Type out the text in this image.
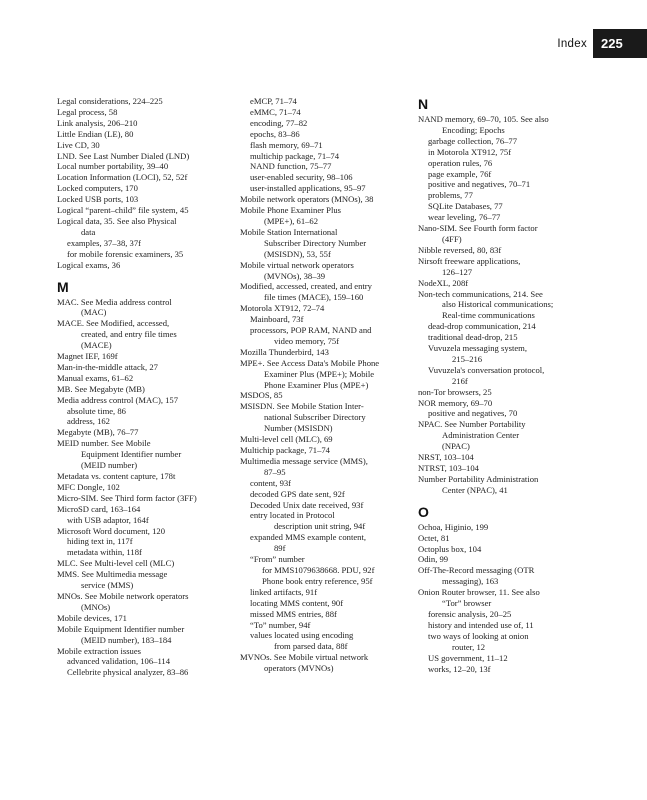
Index	225
Legal considerations, 224–225
Legal process, 58
Link analysis, 206–210
Little Endian (LE), 80
Live CD, 30
LND. See Last Number Dialed (LND)
Local number portability, 39–40
Location Information (LOCI), 52, 52f
Locked computers, 170
Locked USB ports, 103
Logical “parent–child” file system, 45
Logical data, 35. See also Physical
data
examples, 37–38, 37f
for mobile forensic examiners, 35
Logical exams, 36
M
MAC. See Media address control
(MAC)
MACE. See Modified, accessed,
created, and entry file times
(MACE)
Magnet IEF, 169f
Man-in-the-middle attack, 27
Manual exams, 61–62
MB. See Megabyte (MB)
Media address control (MAC), 157
absolute time, 86
address, 162
Megabyte (MB), 76–77
MEID number. See Mobile
Equipment Identifier number
(MEID number)
Metadata vs. content capture, 178t
MFC Dongle, 102
Micro-SIM. See Third form factor (3FF)
MicroSD card, 163–164
with USB adaptor, 164f
Microsoft Word document, 120
hiding text in, 117f
metadata within, 118f
MLC. See Multi-level cell (MLC)
MMS. See Multimedia message
service (MMS)
MNOs. See Mobile network operators
(MNOs)
Mobile devices, 171
Mobile Equipment Identifier number
(MEID number), 183–184
Mobile extraction issues
advanced validation, 106–114
Cellebrite physical analyzer, 83–86
eMCP, 71–74
eMMC, 71–74
encoding, 77–82
epochs, 83–86
flash memory, 69–71
multichip package, 71–74
NAND function, 75–77
user-enabled security, 98–106
user-installed applications, 95–97
Mobile network operators (MNOs), 38
Mobile Phone Examiner Plus
(MPE+), 61–62
Mobile Station International
Subscriber Directory Number
(MSISDN), 53, 55f
Mobile virtual network operators
(MVNOs), 38–39
Modified, accessed, created, and entry
file times (MACE), 159–160
Motorola XT912, 72–74
Mainboard, 73f
processors, POP RAM, NAND and
video memory, 75f
Mozilla Thunderbird, 143
MPE+. See Access Data's Mobile Phone
Examiner Plus (MPE+); Mobile
Phone Examiner Plus (MPE+)
MSDOS, 85
MSISDN. See Mobile Station Inter-
national Subscriber Directory
Number (MSISDN)
Multi-level cell (MLC), 69
Multichip package, 71–74
Multimedia message service (MMS),
87–95
content, 93f
decoded GPS date sent, 92f
Decoded Unix date received, 93f
entry located in Protocol
description unit string, 94f
expanded MMS example content,
89f
“From” number
for MMS1079638668. PDU, 92f
Phone book entry reference, 95f
linked artifacts, 91f
locating MMS content, 90f
missed MMS entries, 88f
“To” number, 94f
values located using encoding
from parsed data, 88f
MVNOs. See Mobile virtual network
operators (MVNOs)
N
NAND memory, 69–70, 105. See also
Encoding; Epochs
garbage collection, 76–77
in Motorola XT912, 75f
operation rules, 76
page example, 76f
positive and negatives, 70–71
problems, 77
SQLite Databases, 77
wear leveling, 76–77
Nano-SIM. See Fourth form factor
(4FF)
Nibble reversed, 80, 83f
Nirsoft freeware applications,
126–127
NodeXL, 208f
Non-tech communications, 214. See
also Historical communications;
Real-time communications
dead-drop communication, 214
traditional dead-drop, 215
Vuvuzela messaging system,
215–216
Vuvuzela's conversation protocol,
216f
non-Tor browsers, 25
NOR memory, 69–70
positive and negatives, 70
NPAC. See Number Portability
Administration Center
(NPAC)
NRST, 103–104
NTRST, 103–104
Number Portability Administration
Center (NPAC), 41
O
Ochoa, Higinio, 199
Octet, 81
Octoplus box, 104
Odin, 99
Off-The-Record messaging (OTR
messaging), 163
Onion Router browser, 11. See also
“Tor” browser
forensic analysis, 20–25
history and intended use of, 11
two ways of looking at onion
router, 12
US government, 11–12
works, 12–20, 13f
